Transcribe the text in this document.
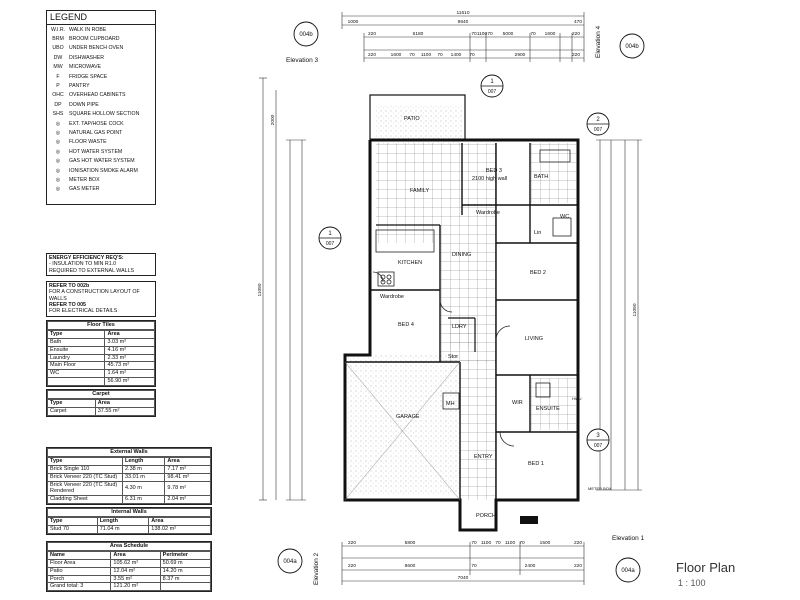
LEGEND
W.I.R. WALK IN ROBE
BRM	BROOM CUPBOARD
UBO	UNDER BENCH OVEN
DW	DISHWASHER
MW	MICROWAVE
F	FRIDGE SPACE
P	PANTRY
OHC	OVERHEAD CABINETS
DP	DOWN PIPE
SHS	SQUARE HOLLOW SECTION
◎	EXT. TAP/HOSE COCK
◎	NATURAL GAS POINT
◎	FLOOR WASTE
◎	HOT WATER SYSTEM
◎	GAS HOT WATER SYSTEM
◎	IONISATION SMOKE ALARM
◎	METER BOX
◎	GAS METER
ENERGY EFFICIENCY REQ'S:
- INSULATION TO MIN R1.0
REQUIRED TO EXTERNAL WALLS
REFER TO 002b
FOR A CONSTRUCTION LAYOUT OF
WALLS
REFER TO 005
FOR ELECTRICAL DETAILS
Floor Tiles
Type	Area
Bath	3.03 m²
Ensuite	4.16 m²
Laundry	2.33 m²
Main Floor	45.73 m²
WC	1.64 m²
	56.90 m²
Carpet
Type	Area
Carpet	37.55 m²
External Walls
Type	Length	Area
Brick Single 110	2.38 m	7.17 m²
Brick Veneer 220 (TC Stud)	33.01 m	98.41 m²
Brick Veneer 220 (TC Stud) Rendered	4.30 m	9.78 m²
Cladding Sheet	6.31 m	2.04 m²
Internal Walls
Type	Length	Area
Stud 70	71.04 m	138.02 m²
Area Schedule
Name	Area	Perimeter
Floor Area	105.62 m²	50.69 m
Patio	12.04 m²	14.20 m
Porch	3.55 m²	8.37 m
Grand total: 3	121.20 m²	
PATIO
FAMILY
BED 3
BATH
KITCHEN
DINING
BED 2
BED 4
LIVING
GARAGE
BED 1
WIR
ENSUITE
PORCH
ENTRY
LDRY
Stor
WC
Lin
Wardrobe
Wardrobe
MH
2100 high wall
METER BOX
HWU
004b
004b
004a
004a
1
007
2
007
1
007
3
007
Elevation 3
Elevation 1
Elevation 2
Elevation 4
11610
1000	9840	470
220	6180	70 1100 70 5000	70 1600	220
220	1600 70 1100 70 1400 70	2900	220
220	5800	70 1100 70 1100 70	1500	220
220	8600	70	2400	220
7040
11090
2000
11090
Floor Plan
1 : 100
